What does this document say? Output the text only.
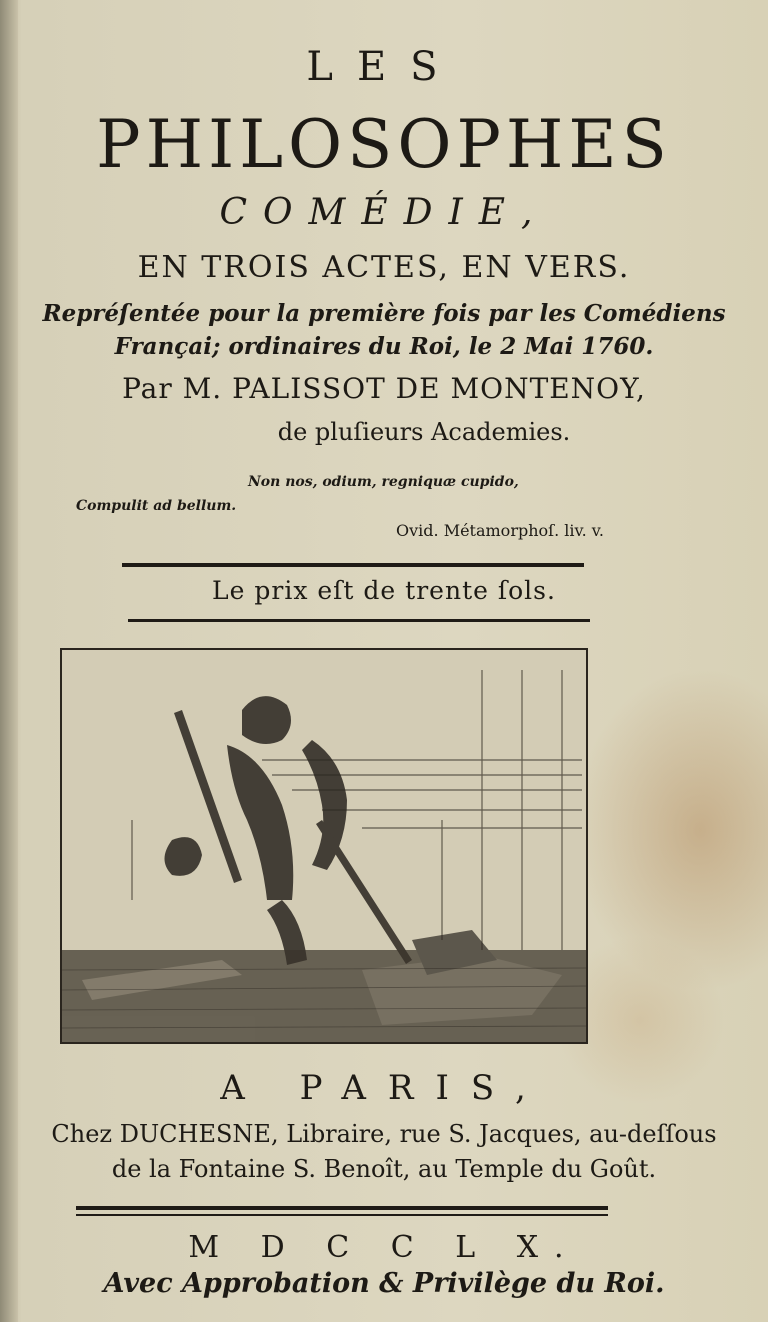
LES
PHILOSOPHES
COMÉDIE,
EN TROIS ACTES, EN VERS.
Repréſentée pour la première fois par les Comédiens
Françai; ordinaires du Roi, le 2 Mai 1760.
Par M. PALISSOT DE MONTENOY,
de pluſieurs Academies.
Non nos, odium, regniquæ cupido,
Compulit ad bellum.
Ovid. Métamorphoſ. liv. v.
Le prix eſt de trente ſols.
A PARIS,
Chez DUCHESNE, Libraire, rue S. Jacques, au-deſſous
de la Fontaine S. Benoît, au Temple du Goût.
M D C C L X.
Avec Approbation & Privilège du Roi.
